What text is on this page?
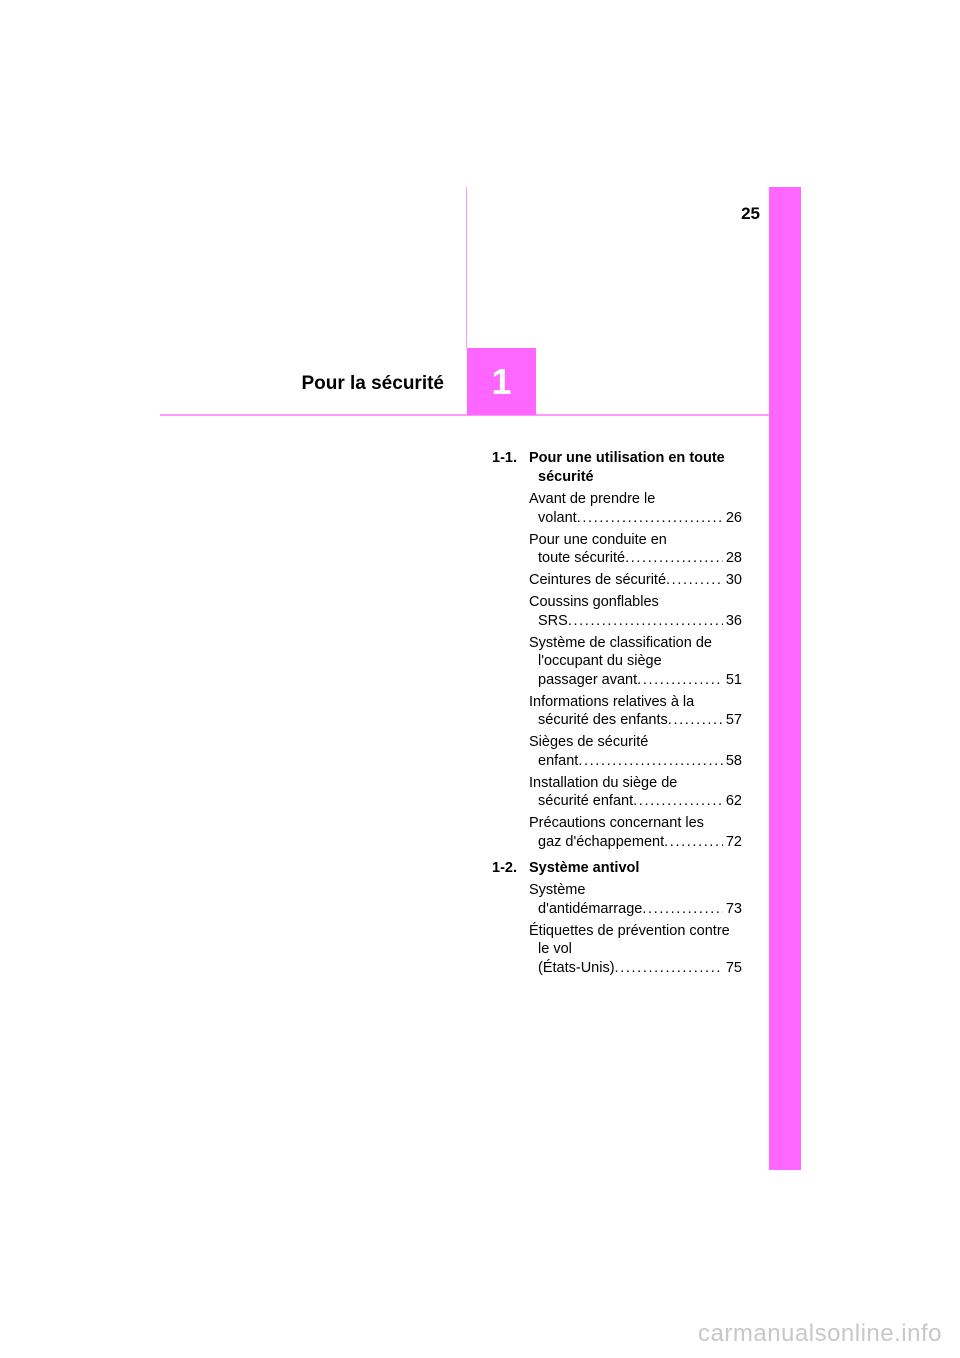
25
1
Pour la sécurité
1-1. Pour une utilisation en toute sécurité
Avant de prendre le
volant . . .	26
Pour une conduite en
toute sécurité . . .	28
Ceintures de sécurité . . .	30
Coussins gonflables
SRS . . .	36
Système de classification de l'occupant du siège
passager avant . . .	51
Informations relatives à la
sécurité des enfants . . .	57
Sièges de sécurité
enfant . . .	58
Installation du siège de
sécurité enfant . . .	62
Précautions concernant les
gaz d'échappement . . .	72
1-2. Système antivol
Système
d'antidémarrage . . .	73
Étiquettes de prévention contre le vol
(États-Unis) . . .	75
carmanualsonline.info
